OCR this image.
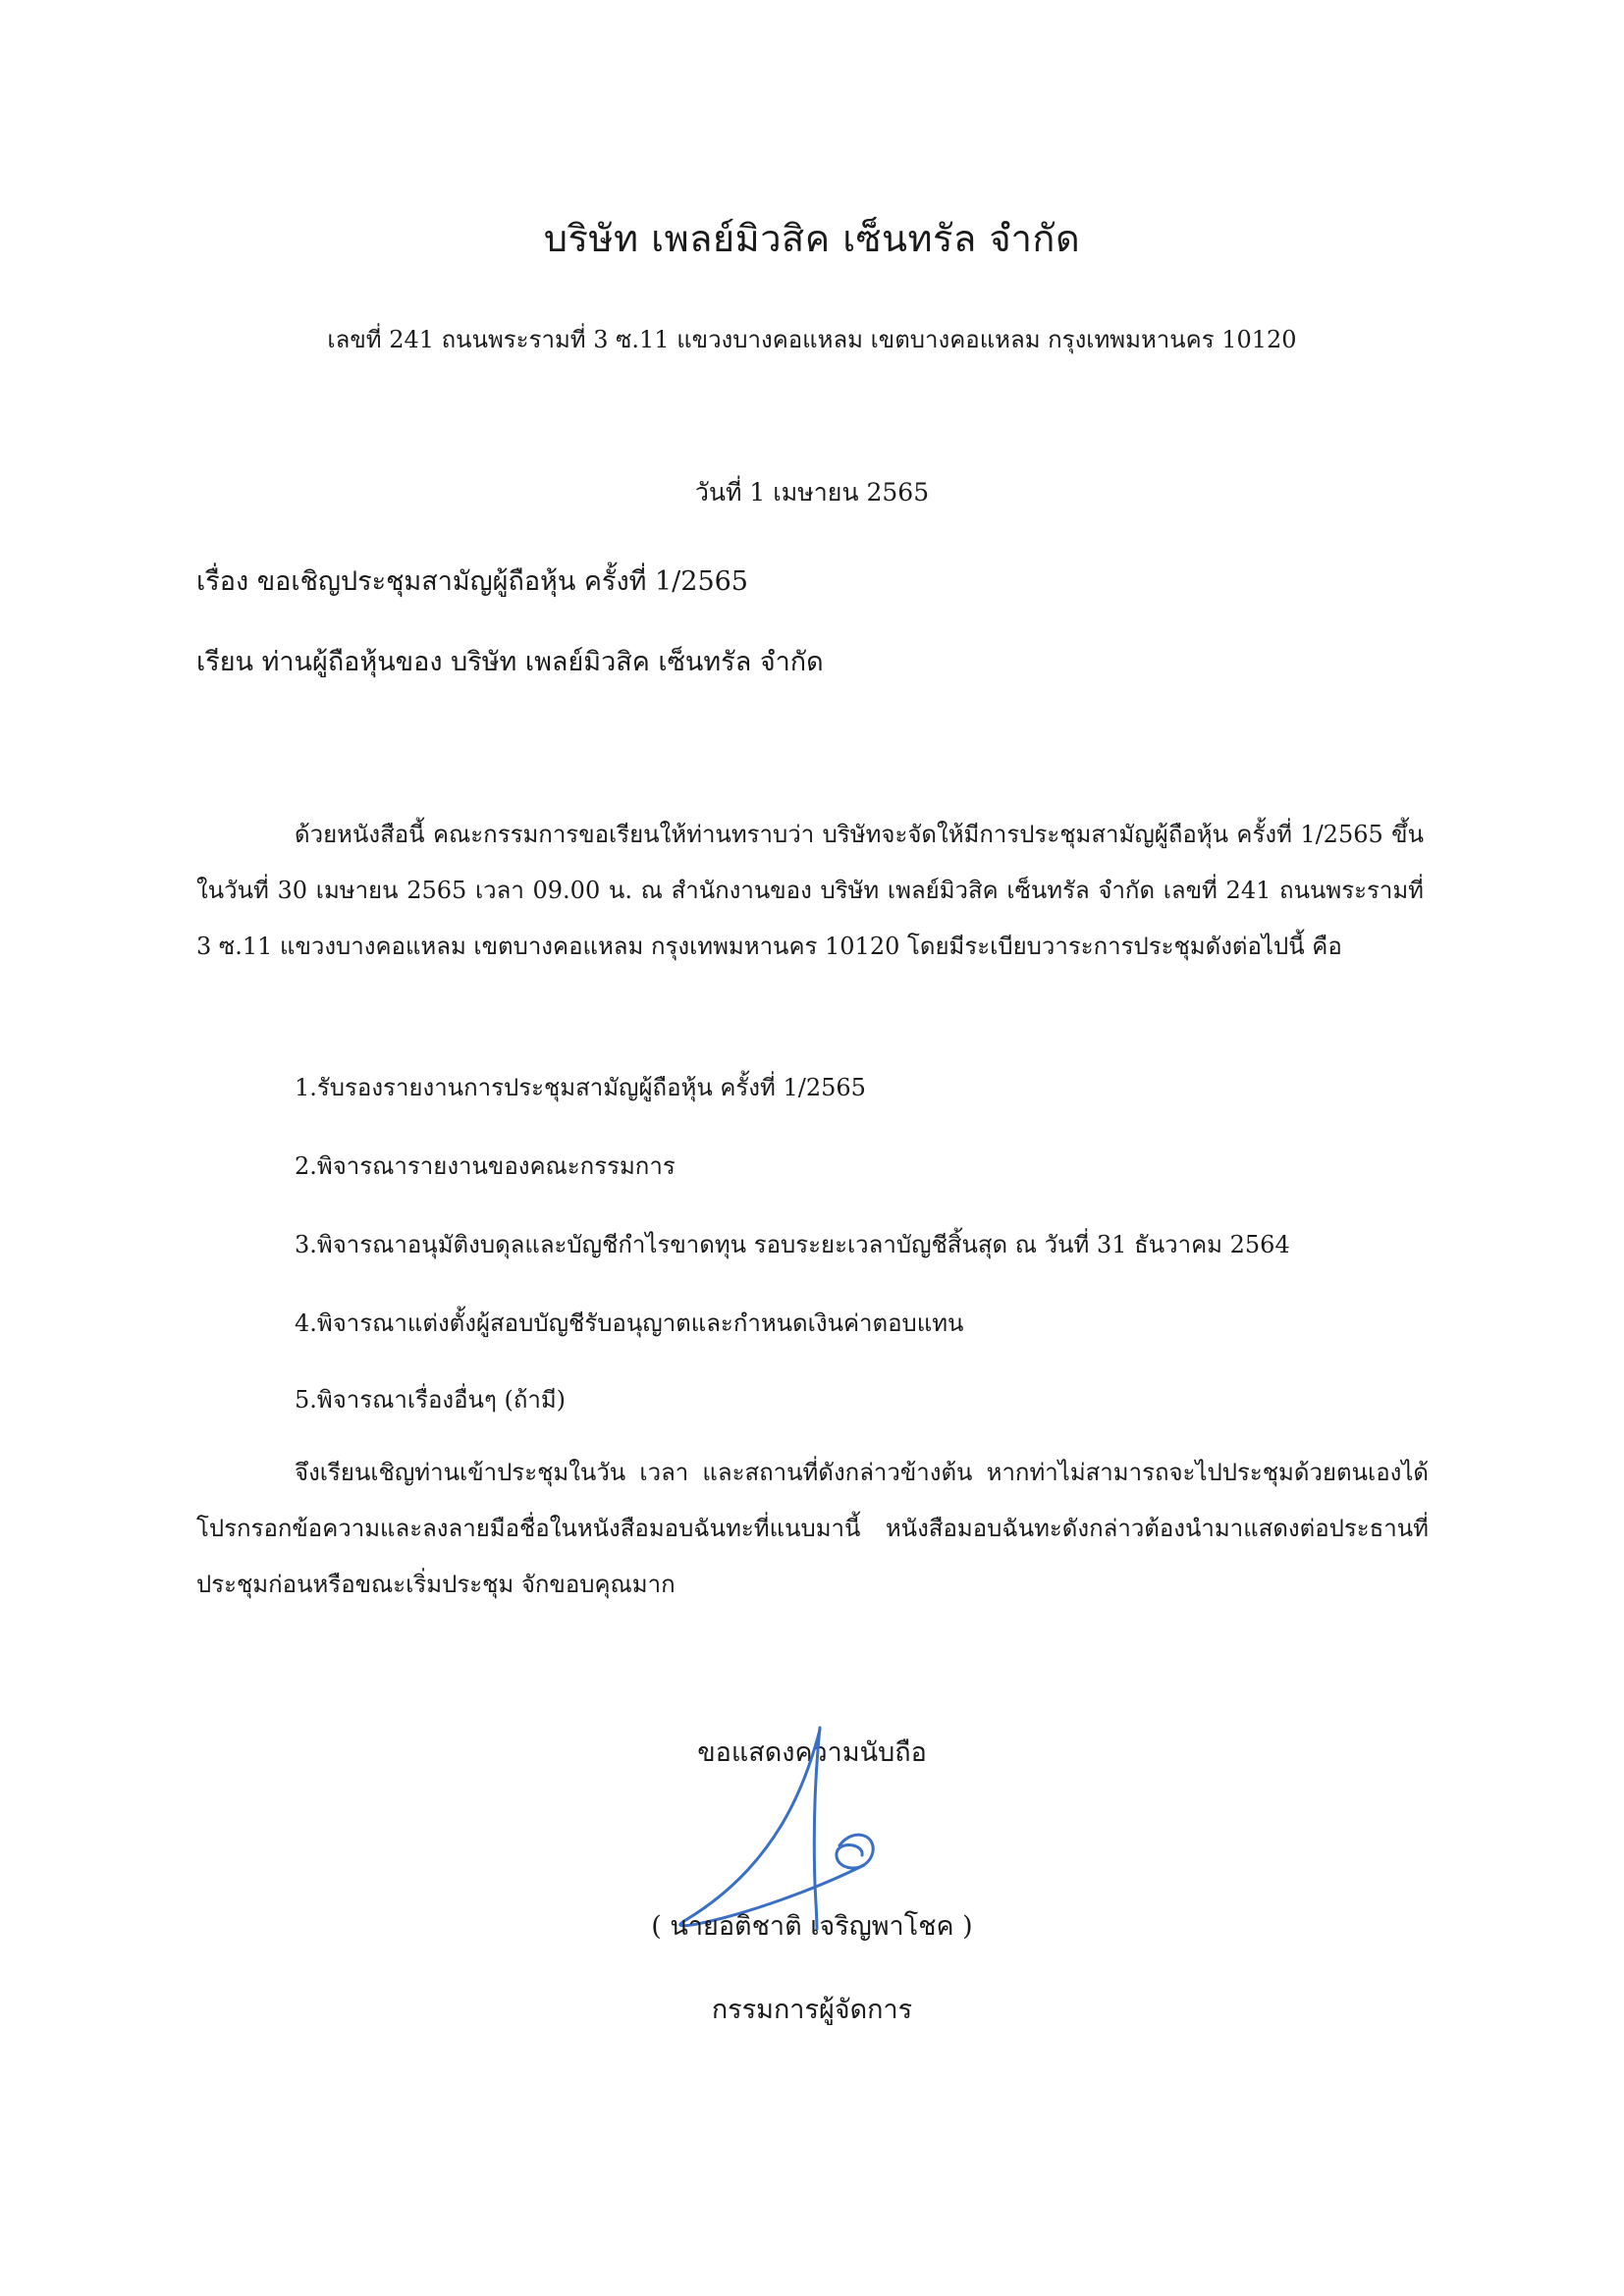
บริษัท เพลย์มิวสิค เซ็นทรัล จำกัด
เลขที่ 241 ถนนพระรามที่ 3 ซ.11 แขวงบางคอแหลม เขตบางคอแหลม กรุงเทพมหานคร 10120
วันที่ 1 เมษายน 2565
เรื่อง ขอเชิญประชุมสามัญผู้ถือหุ้น ครั้งที่ 1/2565
เรียน ท่านผู้ถือหุ้นของ บริษัท เพลย์มิวสิค เซ็นทรัล จำกัด
ด้วยหนังสือนี้ คณะกรรมการขอเรียนให้ท่านทราบว่า บริษัทจะจัดให้มีการประชุมสามัญผู้ถือหุ้น ครั้งที่ 1/2565 ขึ้นในวันที่ 30 เมษายน 2565 เวลา 09.00 น. ณ สำนักงานของ บริษัท เพลย์มิวสิค เซ็นทรัล จำกัด เลขที่ 241 ถนนพระรามที่ 3 ซ.11 แขวงบางคอแหลม เขตบางคอแหลม กรุงเทพมหานคร 10120 โดยมีระเบียบวาระการประชุมดังต่อไปนี้ คือ
1.รับรองรายงานการประชุมสามัญผู้ถือหุ้น ครั้งที่ 1/2565
2.พิจารณารายงานของคณะกรรมการ
3.พิจารณาอนุมัติงบดุลและบัญชีกำไรขาดทุน รอบระยะเวลาบัญชีสิ้นสุด ณ วันที่ 31 ธันวาคม 2564
4.พิจารณาแต่งตั้งผู้สอบบัญชีรับอนุญาตและกำหนดเงินค่าตอบแทน
5.พิจารณาเรื่องอื่นๆ (ถ้ามี)
จึงเรียนเชิญท่านเข้าประชุมในวัน เวลา และสถานที่ดังกล่าวข้างต้น หากท่าไม่สามารถจะไปประชุมด้วยตนเองได้ โปรกรอกข้อความและลงลายมือชื่อในหนังสือมอบฉันทะที่แนบมานี้ หนังสือมอบฉันทะดังกล่าวต้องนำมาแสดงต่อประธานที่ประชุมก่อนหรือขณะเริ่มประชุม จักขอบคุณมาก
ขอแสดงความนับถือ
( นายอติชาติ เจริญพาโชค )
กรรมการผู้จัดการ
